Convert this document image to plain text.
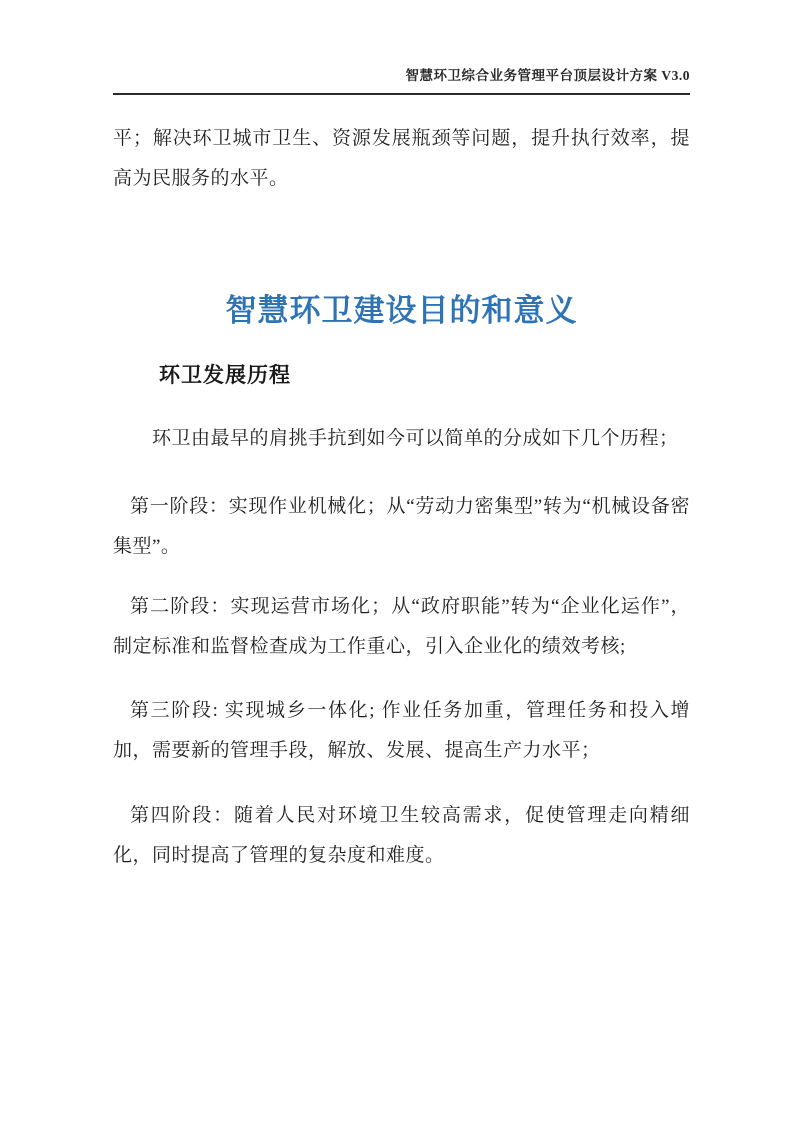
智慧环卫综合业务管理平台顶层设计方案 V3.0

平；解决环卫城市卫生、资源发展瓶颈等问题，提升执行效率，提高为民服务的水平。

智慧环卫建设目的和意义
环卫发展历程

环卫由最早的肩挑手抗到如今可以简单的分成如下几个历程；

第一阶段：实现作业机械化；从“劳动力密集型”转为“机械设备密集型”。

第二阶段：实现运营市场化；从“政府职能”转为“企业化运作”，制定标准和监督检查成为工作重心，引入企业化的绩效考核;

第三阶段: 实现城乡一体化; 作业任务加重，管理任务和投入增加，需要新的管理手段，解放、发展、提高生产力水平；

第四阶段：随着人民对环境卫生较高需求，促使管理走向精细化，同时提高了管理的复杂度和难度。
